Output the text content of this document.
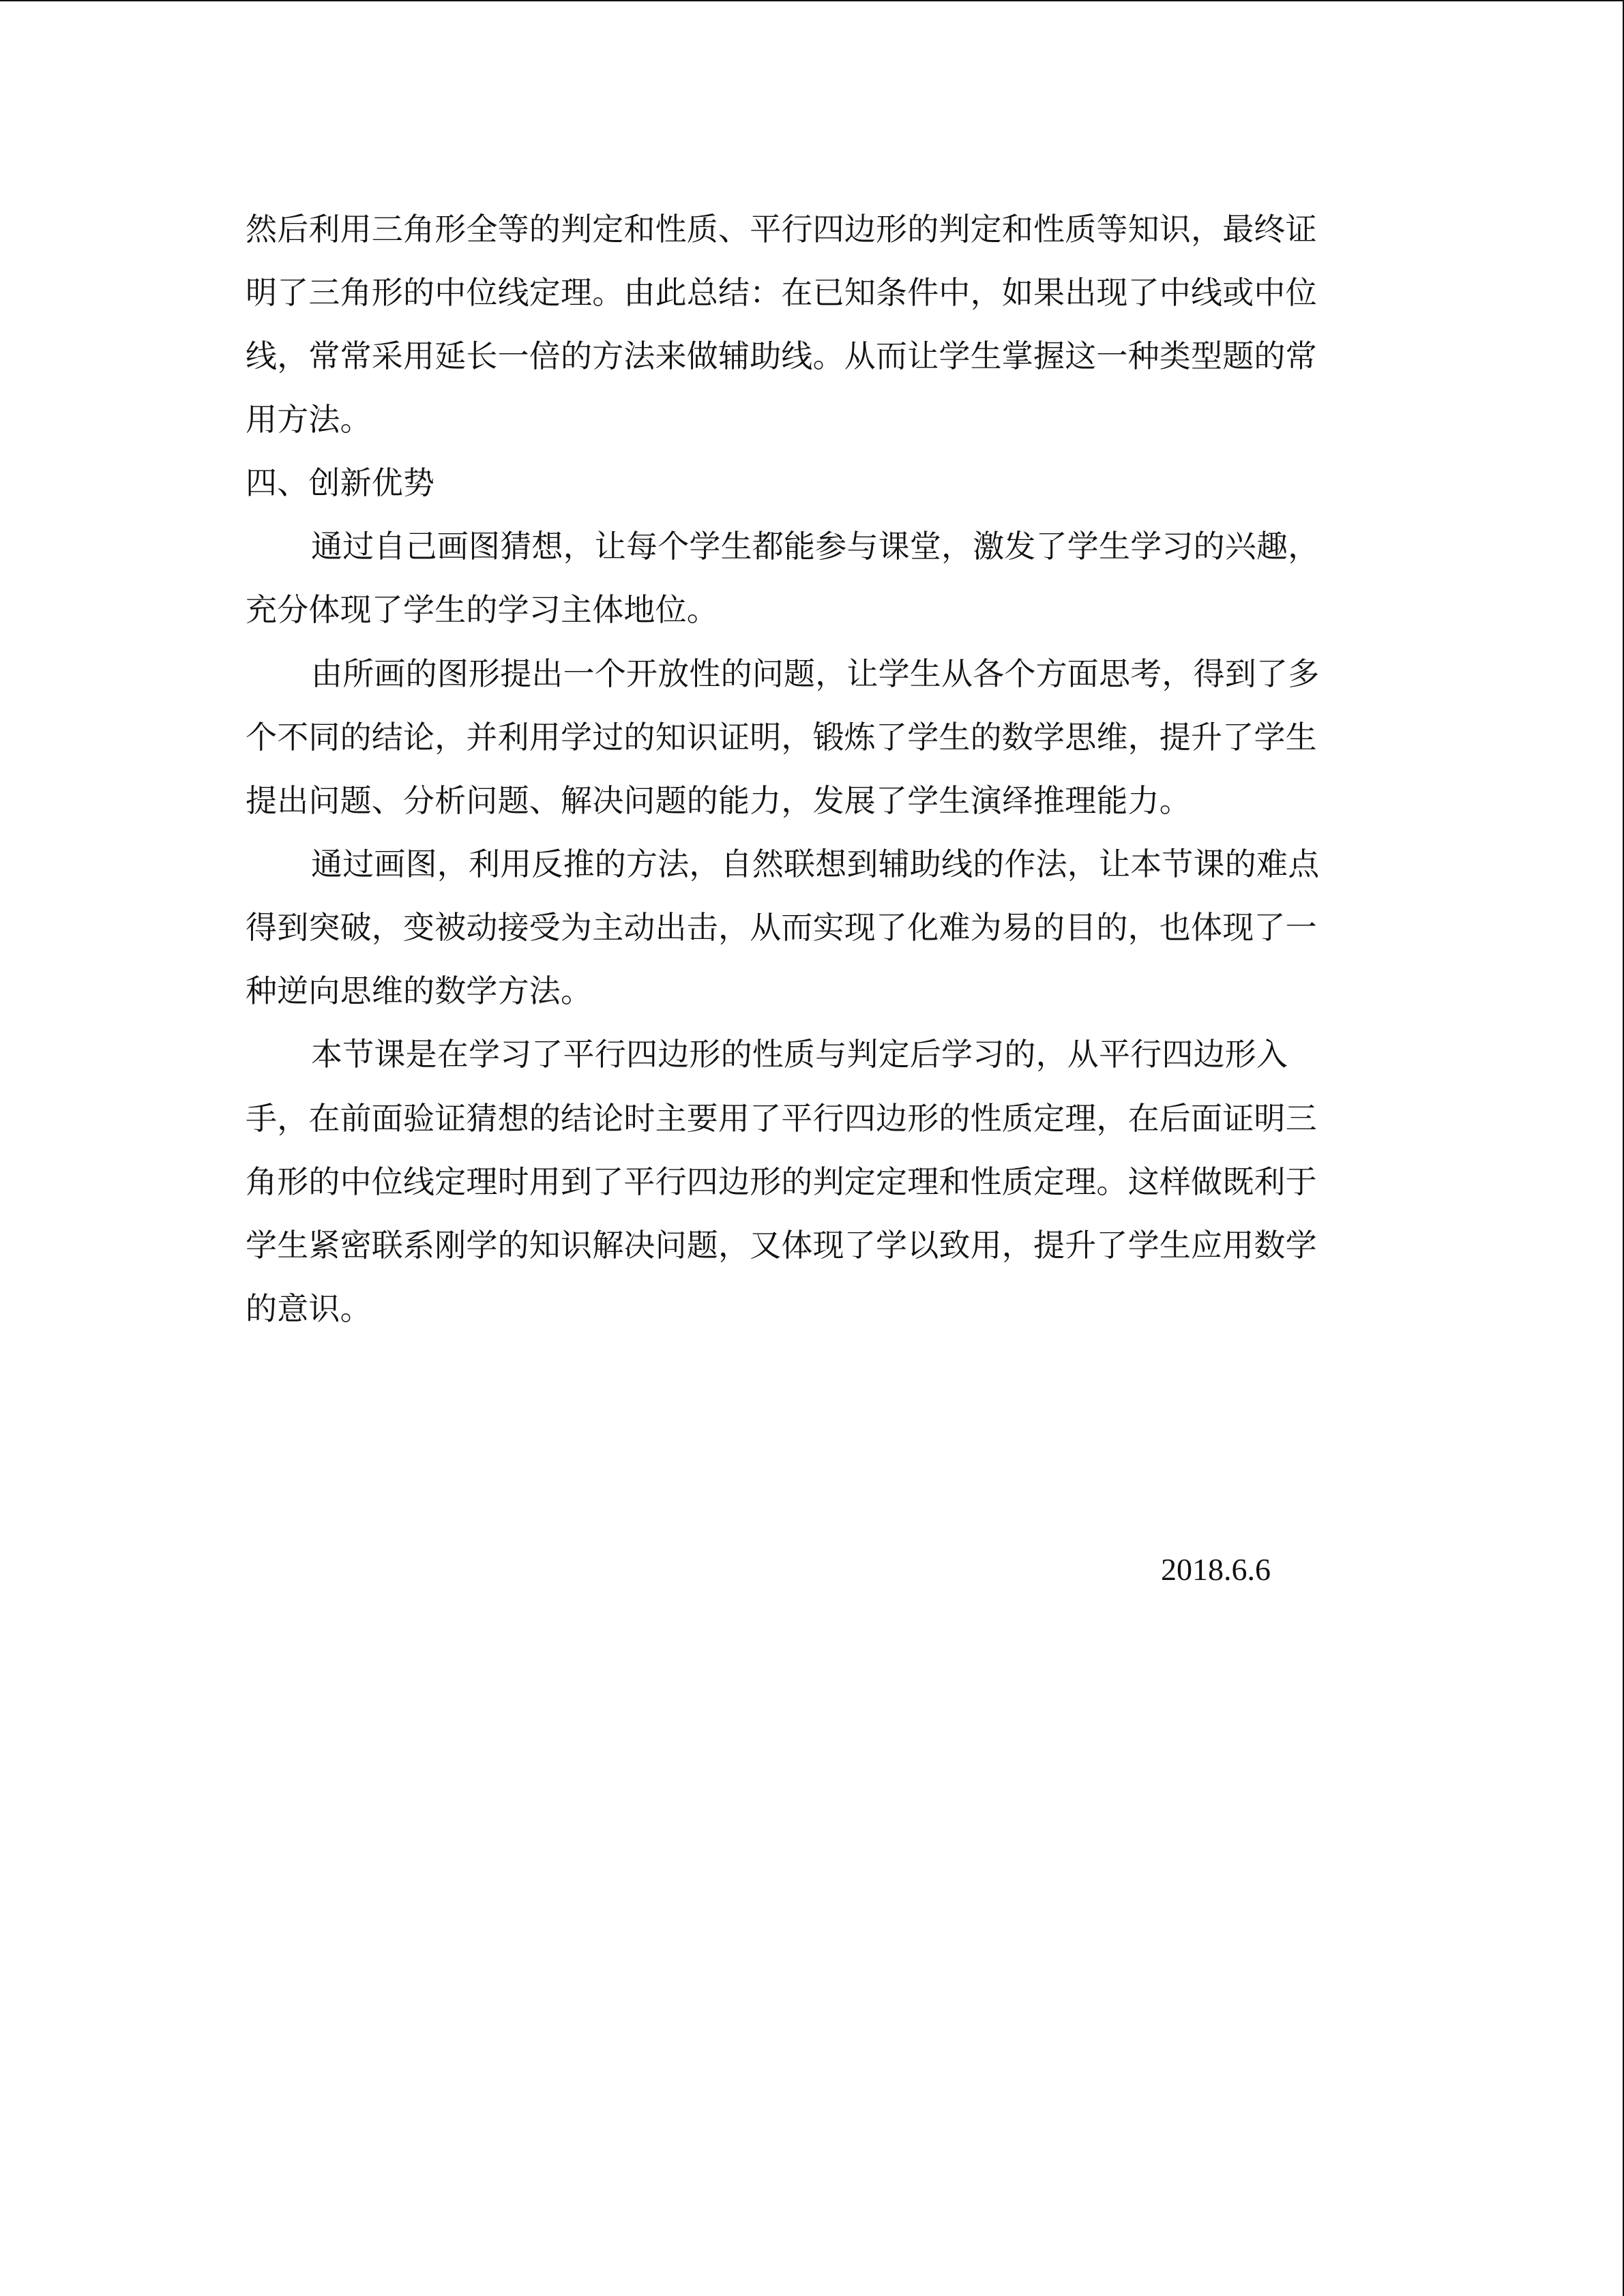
然后利用三角形全等的判定和性质、平行四边形的判定和性质等知识，最终证
明了三角形的中位线定理。由此总结：在已知条件中，如果出现了中线或中位
线，常常采用延长一倍的方法来做辅助线。从而让学生掌握这一种类型题的常
用方法。
四、创新优势
通过自己画图猜想，让每个学生都能参与课堂，激发了学生学习的兴趣，
充分体现了学生的学习主体地位。
由所画的图形提出一个开放性的问题，让学生从各个方面思考，得到了多
个不同的结论，并利用学过的知识证明，锻炼了学生的数学思维，提升了学生
提出问题、分析问题、解决问题的能力，发展了学生演绎推理能力。
通过画图，利用反推的方法，自然联想到辅助线的作法，让本节课的难点
得到突破，变被动接受为主动出击，从而实现了化难为易的目的，也体现了一
种逆向思维的数学方法。
本节课是在学习了平行四边形的性质与判定后学习的，从平行四边形入
手，在前面验证猜想的结论时主要用了平行四边形的性质定理，在后面证明三
角形的中位线定理时用到了平行四边形的判定定理和性质定理。这样做既利于
学生紧密联系刚学的知识解决问题，又体现了学以致用，提升了学生应用数学
的意识。
2018.6.6
